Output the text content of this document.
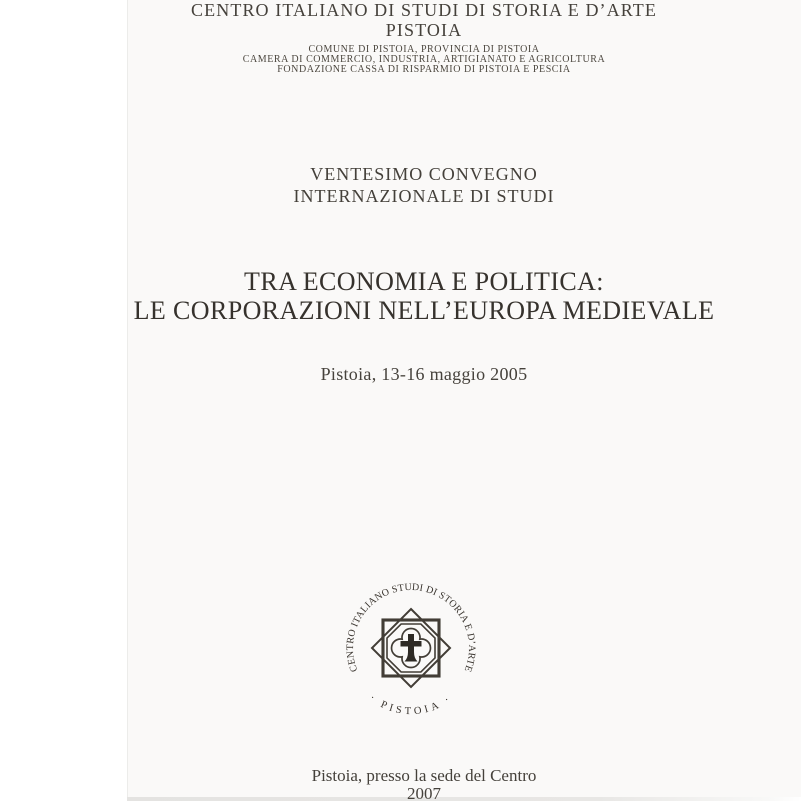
CENTRO ITALIANO DI STUDI DI STORIA E D’ARTE
PISTOIA
COMUNE DI PISTOIA, PROVINCIA DI PISTOIA
CAMERA DI COMMERCIO, INDUSTRIA, ARTIGIANATO E AGRICOLTURA
FONDAZIONE CASSA DI RISPARMIO DI PISTOIA E PESCIA
VENTESIMO CONVEGNO
INTERNAZIONALE DI STUDI
TRA ECONOMIA E POLITICA:
LE CORPORAZIONI NELL’EUROPA MEDIEVALE
Pistoia, 13-16 maggio 2005
CENTRO ITALIANO STUDI DI STORIA E D’ARTE
· PISTOIA ·
Pistoia, presso la sede del Centro
2007
